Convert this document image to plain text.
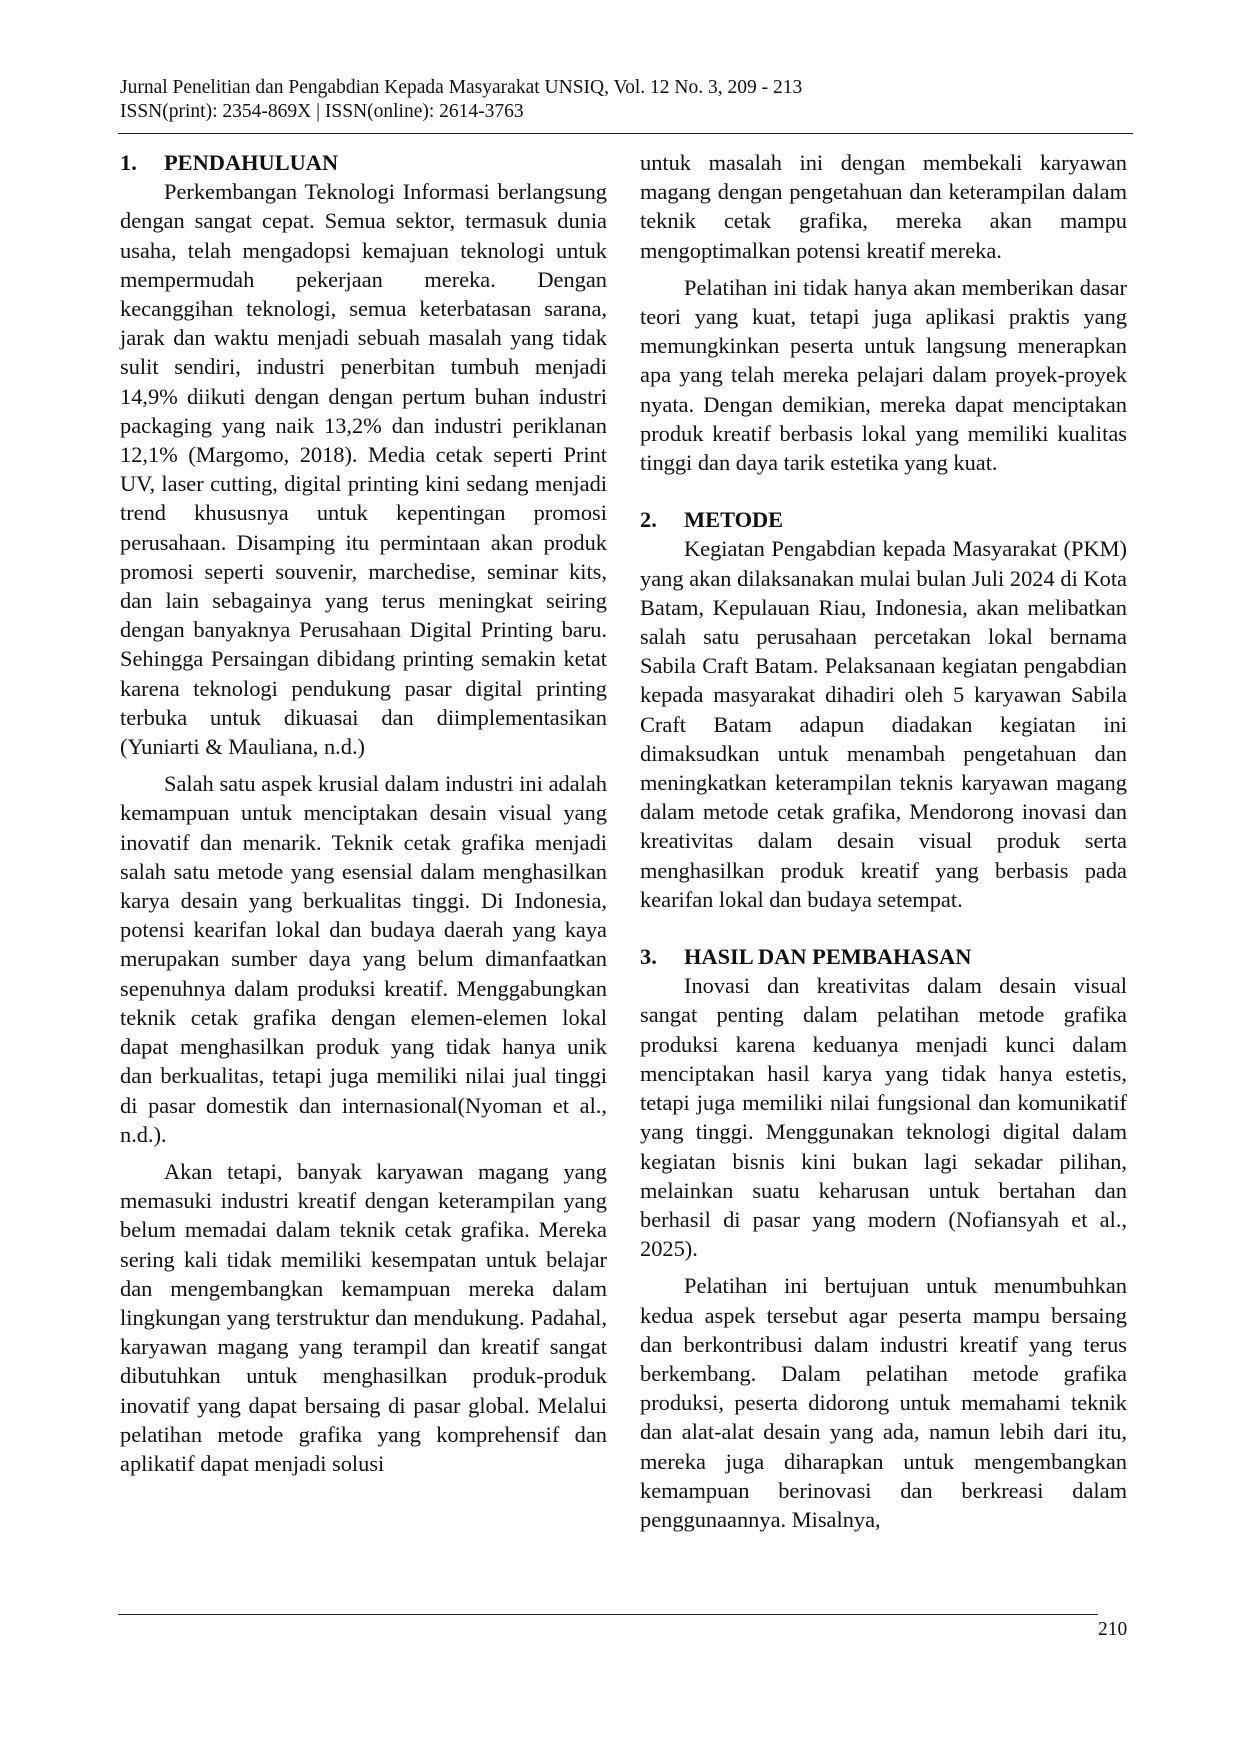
Jurnal Penelitian dan Pengabdian Kepada Masyarakat UNSIQ, Vol. 12 No. 3, 209 - 213
ISSN(print): 2354-869X | ISSN(online): 2614-3763
1. PENDAHULUAN

Perkembangan Teknologi Informasi berlangsung dengan sangat cepat. Semua sektor, termasuk dunia usaha, telah mengadopsi kemajuan teknologi untuk mempermudah pekerjaan mereka. Dengan kecanggihan teknologi, semua keterbatasan sarana, jarak dan waktu menjadi sebuah masalah yang tidak sulit sendiri, industri penerbitan tumbuh menjadi 14,9% diikuti dengan dengan pertum buhan industri packaging yang naik 13,2% dan industri periklanan 12,1% (Margomo, 2018). Media cetak seperti Print UV, laser cutting, digital printing kini sedang menjadi trend khususnya untuk kepentingan promosi perusahaan. Disamping itu permintaan akan produk promosi seperti souvenir, marchedise, seminar kits, dan lain sebagainya yang terus meningkat seiring dengan banyaknya Perusahaan Digital Printing baru. Sehingga Persaingan dibidang printing semakin ketat karena teknologi pendukung pasar digital printing terbuka untuk dikuasai dan diimplementasikan (Yuniarti & Mauliana, n.d.)

Salah satu aspek krusial dalam industri ini adalah kemampuan untuk menciptakan desain visual yang inovatif dan menarik. Teknik cetak grafika menjadi salah satu metode yang esensial dalam menghasilkan karya desain yang berkualitas tinggi. Di Indonesia, potensi kearifan lokal dan budaya daerah yang kaya merupakan sumber daya yang belum dimanfaatkan sepenuhnya dalam produksi kreatif. Menggabungkan teknik cetak grafika dengan elemen-elemen lokal dapat menghasilkan produk yang tidak hanya unik dan berkualitas, tetapi juga memiliki nilai jual tinggi di pasar domestik dan internasional(Nyoman et al., n.d.).

Akan tetapi, banyak karyawan magang yang memasuki industri kreatif dengan keterampilan yang belum memadai dalam teknik cetak grafika. Mereka sering kali tidak memiliki kesempatan untuk belajar dan mengembangkan kemampuan mereka dalam lingkungan yang terstruktur dan mendukung. Padahal, karyawan magang yang terampil dan kreatif sangat dibutuhkan untuk menghasilkan produk-produk inovatif yang dapat bersaing di pasar global. Melalui pelatihan metode grafika yang komprehensif dan aplikatif dapat menjadi solusi

untuk masalah ini dengan membekali karyawan magang dengan pengetahuan dan keterampilan dalam teknik cetak grafika, mereka akan mampu mengoptimalkan potensi kreatif mereka.

Pelatihan ini tidak hanya akan memberikan dasar teori yang kuat, tetapi juga aplikasi praktis yang memungkinkan peserta untuk langsung menerapkan apa yang telah mereka pelajari dalam proyek-proyek nyata. Dengan demikian, mereka dapat menciptakan produk kreatif berbasis lokal yang memiliki kualitas tinggi dan daya tarik estetika yang kuat.

2. METODE

Kegiatan Pengabdian kepada Masyarakat (PKM) yang akan dilaksanakan mulai bulan Juli 2024 di Kota Batam, Kepulauan Riau, Indonesia, akan melibatkan salah satu perusahaan percetakan lokal bernama Sabila Craft Batam. Pelaksanaan kegiatan pengabdian kepada masyarakat dihadiri oleh 5 karyawan Sabila Craft Batam adapun diadakan kegiatan ini dimaksudkan untuk menambah pengetahuan dan meningkatkan keterampilan teknis karyawan magang dalam metode cetak grafika, Mendorong inovasi dan kreativitas dalam desain visual produk serta menghasilkan produk kreatif yang berbasis pada kearifan lokal dan budaya setempat.

3. HASIL DAN PEMBAHASAN

Inovasi dan kreativitas dalam desain visual sangat penting dalam pelatihan metode grafika produksi karena keduanya menjadi kunci dalam menciptakan hasil karya yang tidak hanya estetis, tetapi juga memiliki nilai fungsional dan komunikatif yang tinggi. Menggunakan teknologi digital dalam kegiatan bisnis kini bukan lagi sekadar pilihan, melainkan suatu keharusan untuk bertahan dan berhasil di pasar yang modern (Nofiansyah et al., 2025).

Pelatihan ini bertujuan untuk menumbuhkan kedua aspek tersebut agar peserta mampu bersaing dan berkontribusi dalam industri kreatif yang terus berkembang. Dalam pelatihan metode grafika produksi, peserta didorong untuk memahami teknik dan alat-alat desain yang ada, namun lebih dari itu, mereka juga diharapkan untuk mengembangkan kemampuan berinovasi dan berkreasi dalam penggunaannya. Misalnya,

210
